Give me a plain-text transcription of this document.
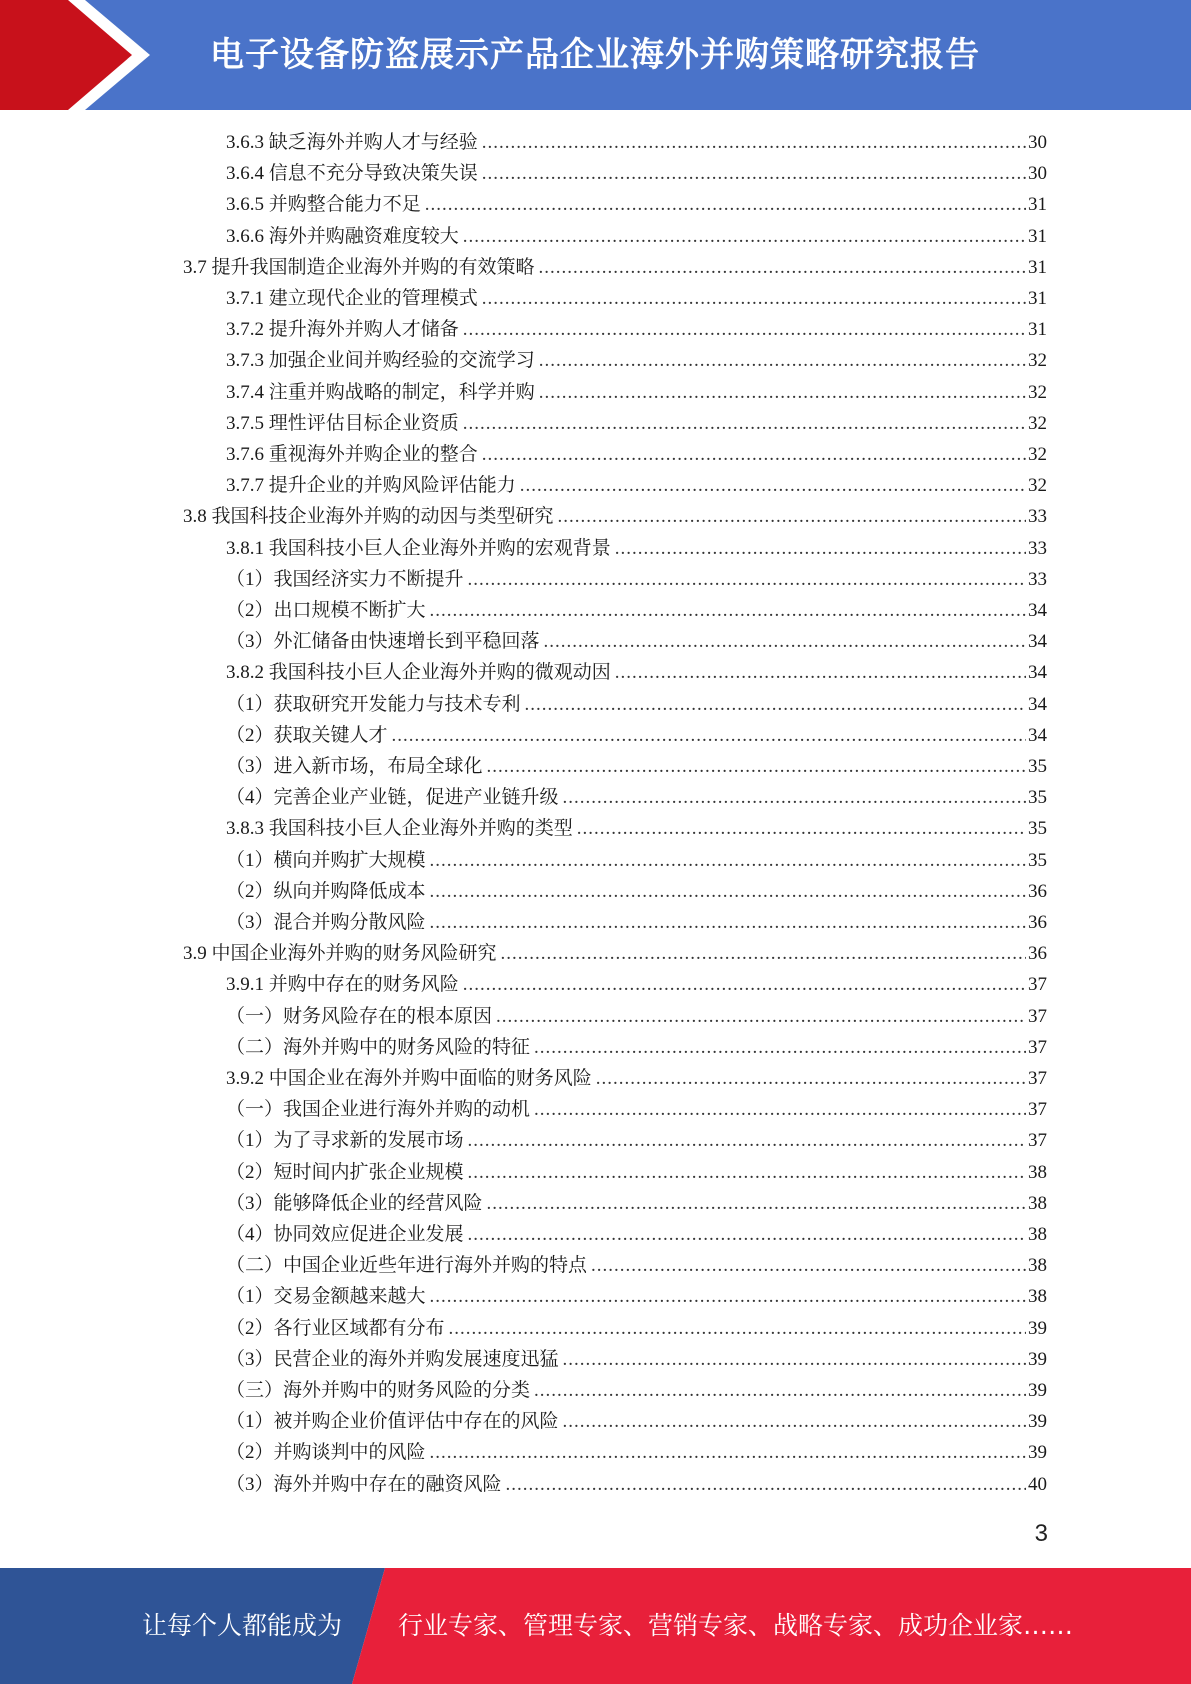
电子设备防盗展示产品企业海外并购策略研究报告
3.6.3 缺乏海外并购人才与经验 .....	30
3.6.4 信息不充分导致决策失误 .....	30
3.6.5 并购整合能力不足 .....	31
3.6.6 海外并购融资难度较大 .....	31
3.7 提升我国制造企业海外并购的有效策略 .....	31
3.7.1 建立现代企业的管理模式 .....	31
3.7.2 提升海外并购人才储备 .....	31
3.7.3 加强企业间并购经验的交流学习 .....	32
3.7.4 注重并购战略的制定，科学并购 .....	32
3.7.5 理性评估目标企业资质 .....	32
3.7.6 重视海外并购企业的整合 .....	32
3.7.7 提升企业的并购风险评估能力 .....	32
3.8 我国科技企业海外并购的动因与类型研究 .....	33
3.8.1 我国科技小巨人企业海外并购的宏观背景 .....	33
（1）我国经济实力不断提升 .....	33
（2）出口规模不断扩大 .....	34
（3）外汇储备由快速增长到平稳回落 .....	34
3.8.2 我国科技小巨人企业海外并购的微观动因 .....	34
（1）获取研究开发能力与技术专利 .....	34
（2）获取关键人才 .....	34
（3）进入新市场，布局全球化 .....	35
（4）完善企业产业链，促进产业链升级 .....	35
3.8.3 我国科技小巨人企业海外并购的类型 .....	35
（1）横向并购扩大规模 .....	35
（2）纵向并购降低成本 .....	36
（3）混合并购分散风险 .....	36
3.9 中国企业海外并购的财务风险研究 .....	36
3.9.1 并购中存在的财务风险 .....	37
（一）财务风险存在的根本原因 .....	37
（二）海外并购中的财务风险的特征 .....	37
3.9.2 中国企业在海外并购中面临的财务风险 .....	37
（一）我国企业进行海外并购的动机 .....	37
（1）为了寻求新的发展市场 .....	37
（2）短时间内扩张企业规模 .....	38
（3）能够降低企业的经营风险 .....	38
（4）协同效应促进企业发展 .....	38
（二）中国企业近些年进行海外并购的特点 .....	38
（1）交易金额越来越大 .....	38
（2）各行业区域都有分布 .....	39
（3）民营企业的海外并购发展速度迅猛 .....	39
（三）海外并购中的财务风险的分类 .....	39
（1）被并购企业价值评估中存在的风险 .....	39
（2）并购谈判中的风险 .....	39
（3）海外并购中存在的融资风险 .....	40
3
让每个人都能成为 行业专家、管理专家、营销专家、战略专家、成功企业家……
